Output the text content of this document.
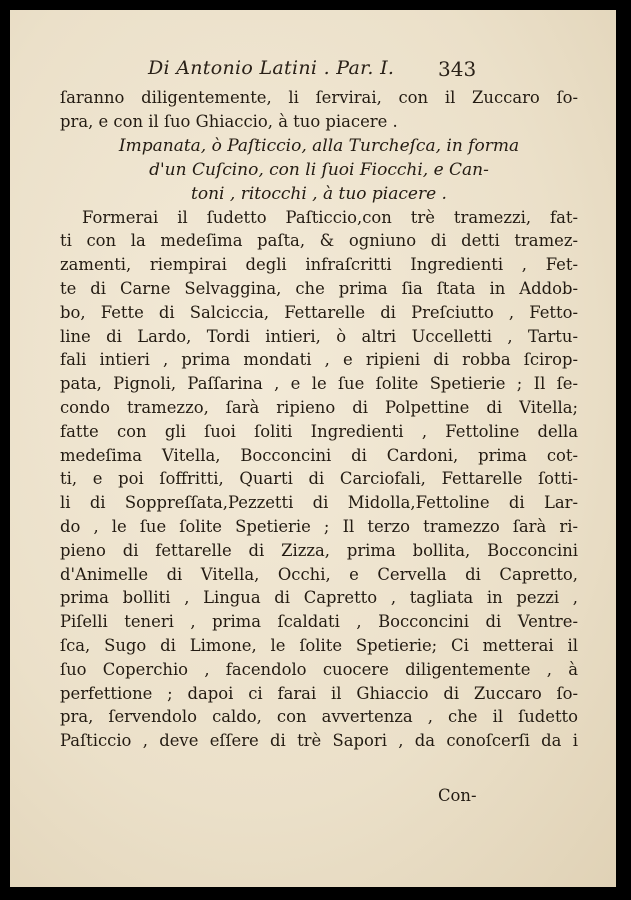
Di Antonio Latini . Par. I. 343
ſaranno diligentemente, li ſervirai, con il Zuccaro ſo-
pra, e con il ſuo Ghiaccio, à tuo piacere .
Impanata, ò Paſticcio, alla Turcheſca, in forma
d'un Cuſcino, con li ſuoi Fiocchi, e Can-
toni , ritocchi , à tuo piacere .
Formerai il ſudetto Paſticcio,con trè tramezzi, fat-
ti con la medeſima paſta, & ogniuno di detti tramez-
zamenti, riempirai degli infraſcritti Ingredienti , Fet-
te di Carne Selvaggina, che prima ſia ſtata in Addob-
bo, Fette di Salciccia, Fettarelle di Preſciutto , Fetto-
line di Lardo, Tordi intieri, ò altri Uccelletti , Tartu-
fali intieri , prima mondati , e ripieni di robba ſcirop-
pata, Pignoli, Paſſarina , e le ſue ſolite Spetierie ; Il ſe-
condo tramezzo, ſarà ripieno di Polpettine di Vitella;
fatte con gli ſuoi ſoliti Ingredienti , Fettoline della
medeſima Vitella, Bocconcini di Cardoni, prima cot-
ti, e poi ſoffritti, Quarti di Carciofali, Fettarelle ſotti-
li di Soppreſſata,Pezzetti di Midolla,Fettoline di Lar-
do , le ſue ſolite Spetierie ; Il terzo tramezzo ſarà ri-
pieno di fettarelle di Zizza, prima bollita, Bocconcini
d'Animelle di Vitella, Occhi, e Cervella di Capretto,
prima bolliti , Lingua di Capretto , tagliata in pezzi ,
Piſelli teneri , prima ſcaldati , Bocconcini di Ventre-
ſca, Sugo di Limone, le ſolite Spetierie; Ci metterai il
ſuo Coperchio , facendolo cuocere diligentemente , à
perfettione ; dapoi ci farai il Ghiaccio di Zuccaro ſo-
pra, ſervendolo caldo, con avvertenza , che il ſudetto
Paſticcio , deve eſſere di trè Sapori , da conoſcerſi da i
Con-
